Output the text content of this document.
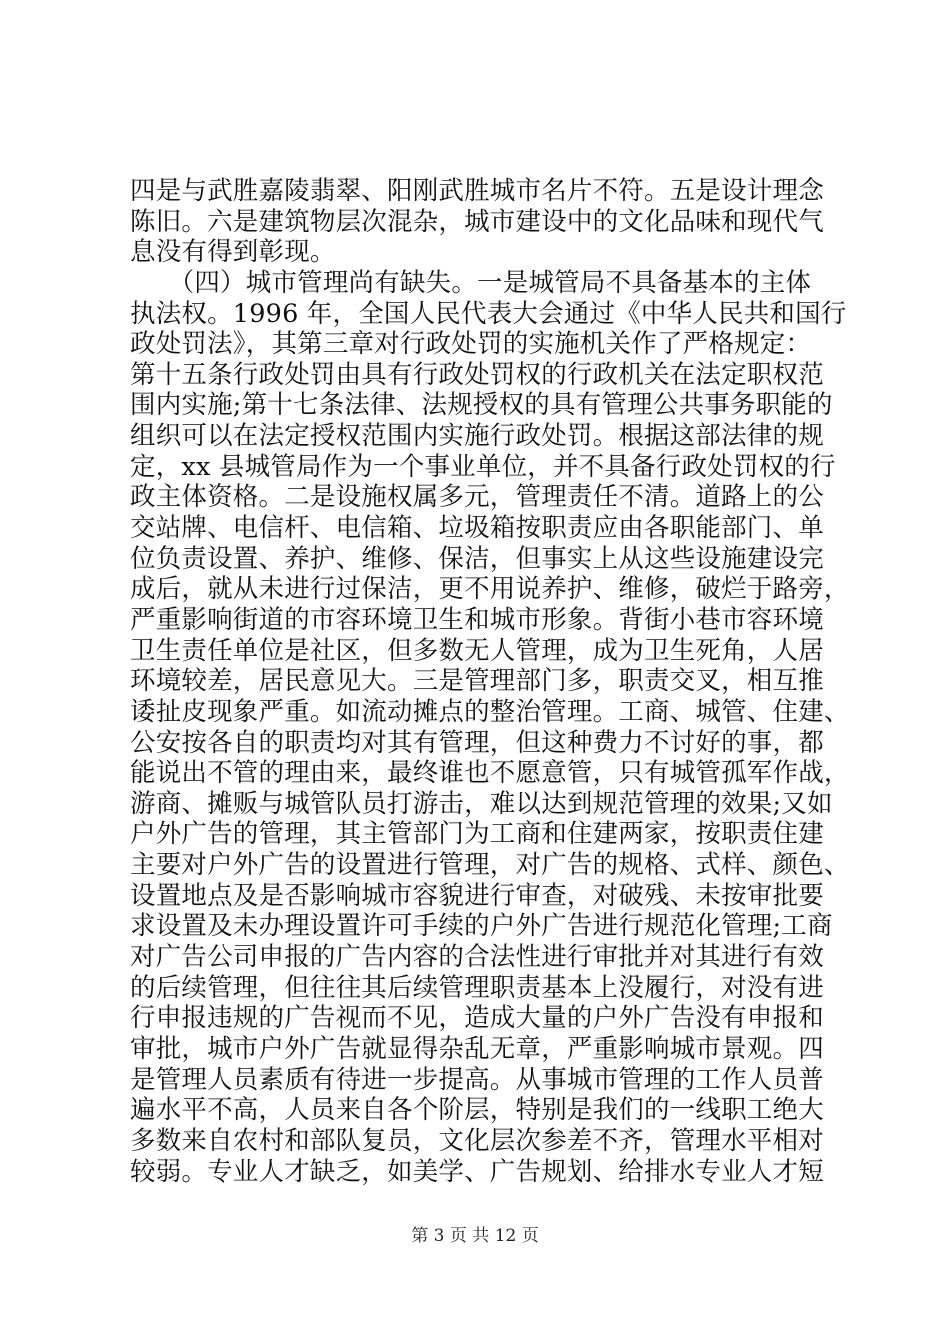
四是与武胜嘉陵翡翠、阳刚武胜城市名片不符。五是设计理念
陈旧。六是建筑物层次混杂，城市建设中的文化品味和现代气
息没有得到彰现。
　　（四）城市管理尚有缺失。一是城管局不具备基本的主体
执法权。1996 年，全国人民代表大会通过《中华人民共和国行
政处罚法》，其第三章对行政处罚的实施机关作了严格规定：
第十五条行政处罚由具有行政处罚权的行政机关在法定职权范
围内实施;第十七条法律、法规授权的具有管理公共事务职能的
组织可以在法定授权范围内实施行政处罚。根据这部法律的规
定，xx 县城管局作为一个事业单位，并不具备行政处罚权的行
政主体资格。二是设施权属多元，管理责任不清。道路上的公
交站牌、电信杆、电信箱、垃圾箱按职责应由各职能部门、单
位负责设置、养护、维修、保洁，但事实上从这些设施建设完
成后，就从未进行过保洁，更不用说养护、维修，破烂于路旁，
严重影响街道的市容环境卫生和城市形象。背街小巷市容环境
卫生责任单位是社区，但多数无人管理，成为卫生死角，人居
环境较差，居民意见大。三是管理部门多，职责交叉，相互推
诿扯皮现象严重。如流动摊点的整治管理。工商、城管、住建、
公安按各自的职责均对其有管理，但这种费力不讨好的事，都
能说出不管的理由来，最终谁也不愿意管，只有城管孤军作战，
游商、摊贩与城管队员打游击，难以达到规范管理的效果;又如
户外广告的管理，其主管部门为工商和住建两家，按职责住建
主要对户外广告的设置进行管理，对广告的规格、式样、颜色、
设置地点及是否影响城市容貌进行审查，对破残、未按审批要
求设置及未办理设置许可手续的户外广告进行规范化管理;工商
对广告公司申报的广告内容的合法性进行审批并对其进行有效
的后续管理，但往往其后续管理职责基本上没履行，对没有进
行申报违规的广告视而不见，造成大量的户外广告没有申报和
审批，城市户外广告就显得杂乱无章，严重影响城市景观。四
是管理人员素质有待进一步提高。从事城市管理的工作人员普
遍水平不高，人员来自各个阶层，特别是我们的一线职工绝大
多数来自农村和部队复员，文化层次参差不齐，管理水平相对
较弱。专业人才缺乏，如美学、广告规划、给排水专业人才短
第 3 页 共 12 页
